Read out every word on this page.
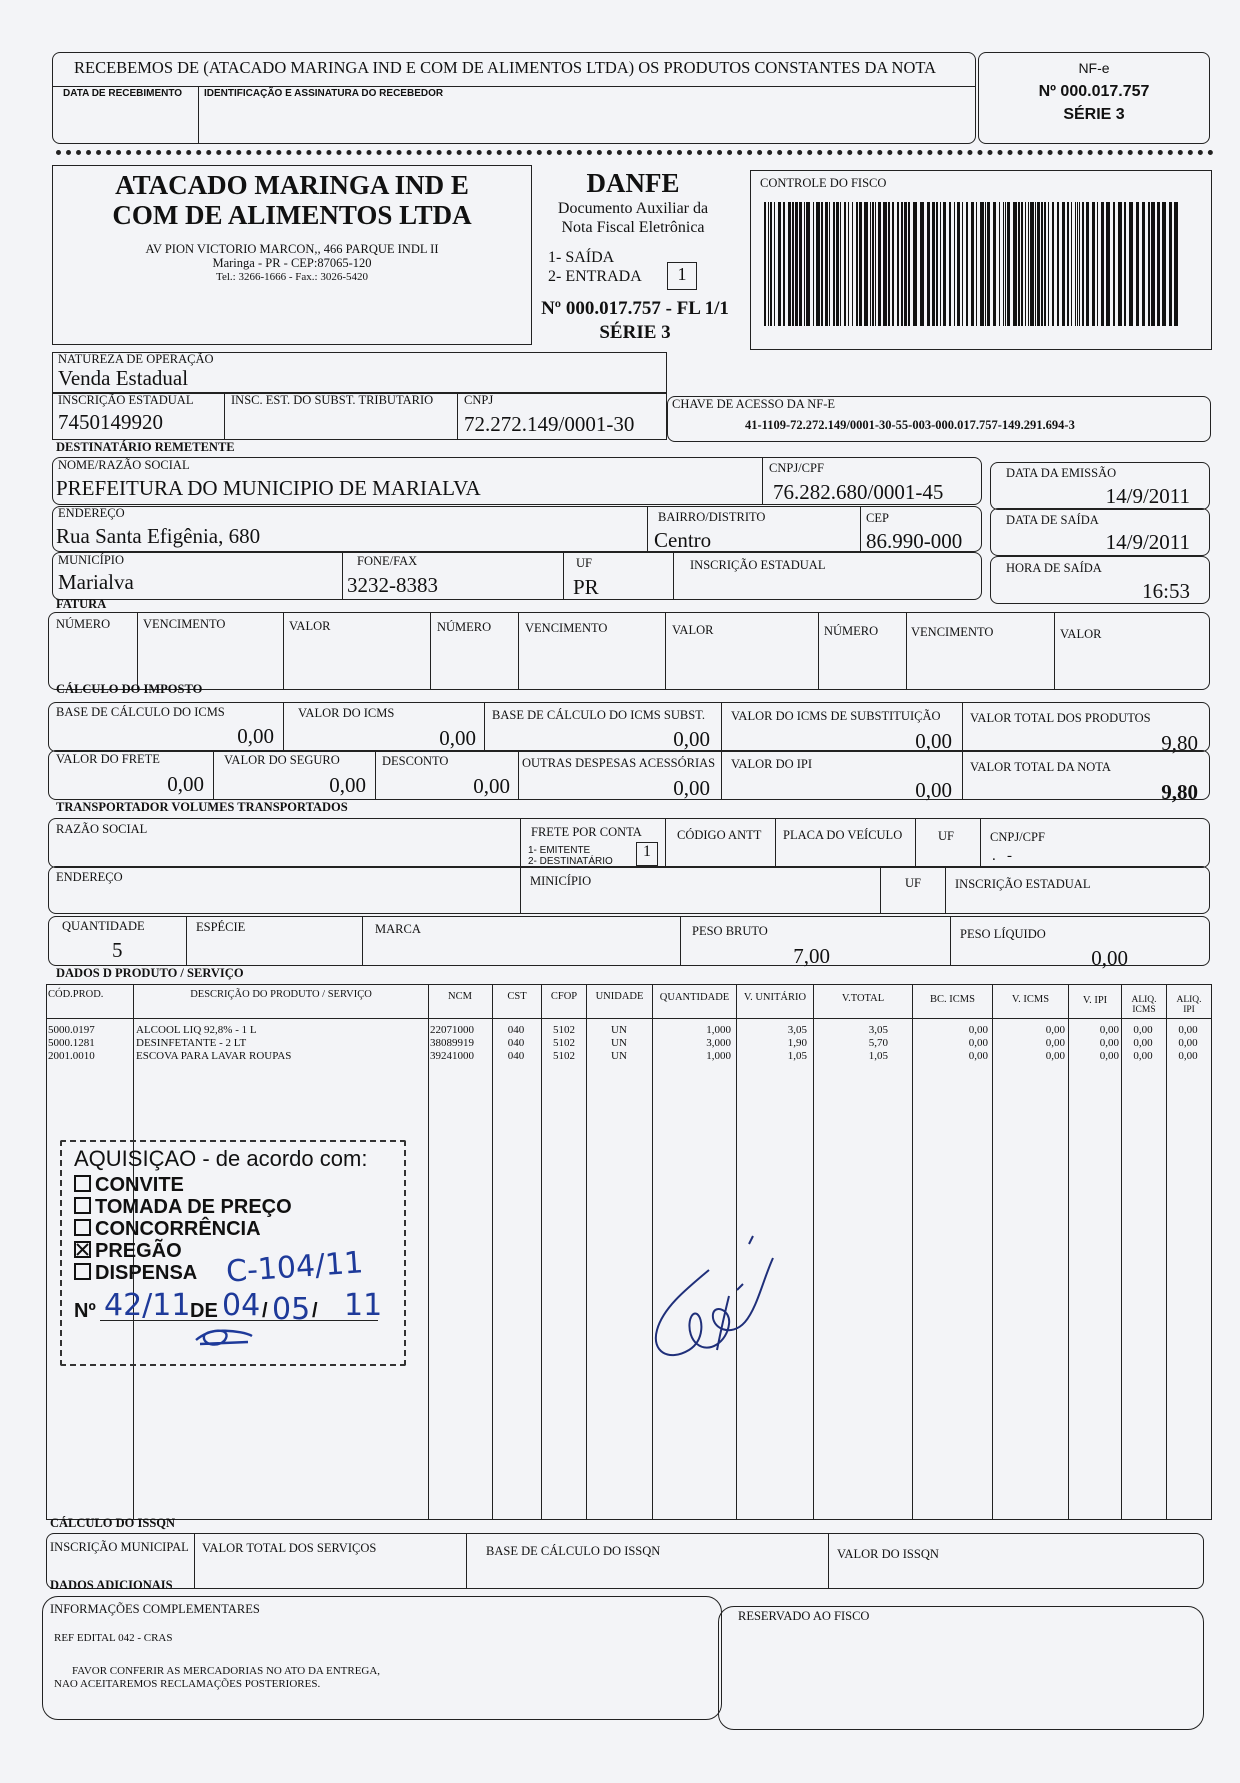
RECEBEMOS DE (ATACADO MARINGA IND E COM DE ALIMENTOS LTDA) OS PRODUTOS CONSTANTES DA NOTA
DATA DE RECEBIMENTO IDENTIFICAÇÃO E ASSINATURA DO RECEBEDOR
NF-e
Nº 000.017.757
SÉRIE 3
ATACADO MARINGA IND E
COM DE ALIMENTOS LTDA
AV PION VICTORIO MARCON,, 466 PARQUE INDL II
Maringa - PR - CEP:87065-120
Tel.: 3266-1666 - Fax.: 3026-5420
DANFE
Documento Auxiliar da
Nota Fiscal Eletrônica
1- SAÍDA
2- ENTRADA	1
Nº 000.017.757 - FL 1/1
SÉRIE 3
CONTROLE DO FISCO
NATUREZA DE OPERAÇÃO
Venda Estadual
INSCRIÇÃO ESTADUAL
7450149920
INSC. EST. DO SUBST. TRIBUTARIO CNPJ
72.272.149/0001-30
CHAVE DE ACESSO DA NF-E
41-1109-72.272.149/0001-30-55-003-000.017.757-149.291.694-3
DESTINATÁRIO REMETENTE
NOME/RAZÃO SOCIAL
PREFEITURA DO MUNICIPIO DE MARIALVA
CNPJ/CPF
76.282.680/0001-45
DATA DA EMISSÃO
14/9/2011
ENDEREÇO
Rua Santa Efigênia, 680
BAIRRO/DISTRITO
Centro
CEP
86.990-000
DATA DE SAÍDA
14/9/2011
MUNICÍPIO
Marialva
FONE/FAX
3232-8383
UF
PR
INSCRIÇÃO ESTADUAL	HORA DE SAÍDA
16:53
FATURA
NÚMERO	VENCIMENTO	VALOR	NÚMERO	VENCIMENTO	VALOR	NÚMERO	VENCIMENTO	VALOR
CÁLCULO DO IMPOSTO
BASE DE CÁLCULO DO ICMS
0,00
VALOR DO ICMS
0,00
BASE DE CÁLCULO DO ICMS SUBST.
0,00
VALOR DO ICMS DE SUBSTITUIÇÃO
0,00
VALOR TOTAL DOS PRODUTOS
9,80
VALOR DO FRETE
0,00
VALOR DO SEGURO
0,00
DESCONTO
0,00
OUTRAS DESPESAS ACESSÓRIAS
0,00
VALOR DO IPI
0,00
VALOR TOTAL DA NOTA
9,80
TRANSPORTADOR VOLUMES TRANSPORTADOS
RAZÃO SOCIAL	FRETE POR CONTA
1- EMITENTE
2- DESTINATÁRIO
1
CÓDIGO ANTT PLACA DO VEÍCULO	UF	CNPJ/CPF
.   -
ENDEREÇO	MINICÍPIO	UF	INSCRIÇÃO ESTADUAL
QUANTIDADE
5
ESPÉCIE	MARCA	PESO BRUTO
7,00
PESO LÍQUIDO
0,00
DADOS D PRODUTO / SERVIÇO
CÓD.PROD.	DESCRIÇÃO DO PRODUTO / SERVIÇO	NCM	CST	CFOP	UNIDADE	QUANTIDADE	V. UNITÁRIO	V.TOTAL	BC. ICMS	V. ICMS	V. IPI	ALIQ.
ICMS
ALIQ.
IPI
5000.0197	ALCOOL LIQ 92,8% - 1 L	22071000	040	5102	UN	1,000	3,05	3,05	0,00	0,00	0,00	0,00	0,00
5000.1281	DESINFETANTE - 2 LT	38089919	040	5102	UN	3,000	1,90	5,70	0,00	0,00	0,00	0,00	0,00
2001.0010	ESCOVA PARA LAVAR ROUPAS	39241000	040	5102	UN	1,000	1,05	1,05	0,00	0,00	0,00	0,00	0,00
AQUISIÇAO - de acordo com:
CONVITE
TOMADA DE PREÇO
CONCORRÊNCIA
PREGÃO
DISPENSA C-104/11
Nº 42/11 DE 04 / 05 / 11
CÁLCULO DO ISSQN
INSCRIÇÃO MUNICIPAL VALOR TOTAL DOS SERVIÇOS	BASE DE CÁLCULO DO ISSQN	VALOR DO ISSQN
DADOS ADICIONAIS
INFORMAÇÕES COMPLEMENTARES
REF EDITAL 042 - CRAS
FAVOR CONFERIR AS MERCADORIAS NO ATO DA ENTREGA,
NAO ACEITAREMOS RECLAMAÇÕES POSTERIORES.
RESERVADO AO FISCO
